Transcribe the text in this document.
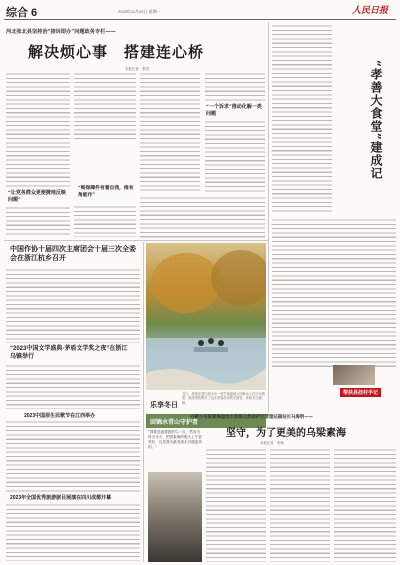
综合 6	2023年11月20日 星期一	人民日报
河北张北县坚持治“接诉即办”问题政务专栏——
解决烦心事　搭建连心桥
本报记者　张国
“一个诉求”推动化解一类问题
“让党务群众更便捷地反映问题”
“畅保障件有着自我，推有角能作”
“孝善大食堂”建成记
帮扶县挂村手记
中国作协十届四次主席团会十届三次全委会在浙江杭乡召开
“2023中国文学盛典·茅盾文学奖之夜”在浙江乌镇举行
2023中国原生民歌节在江西举办
2023年全国优秀旅游剧目展演在四川成都开幕
乐享冬日
近日，游客在浙江丽水市一莲芒地湿地公园骑水上自行车游览。绝美景致吸引了众多游客前来观光游览，体验冬日趣味。
回锦水青山守护者
内蒙古乌梁素海湿地水资源自然保护区管理站副站长马海明——
坚守，为了更美的乌梁素海
本报记者　张枫
“我要追逐着我的鸟一点，然后为每当今天，把梁素海的明天上午更美好，这是我为最美到无可遇更美的。”
